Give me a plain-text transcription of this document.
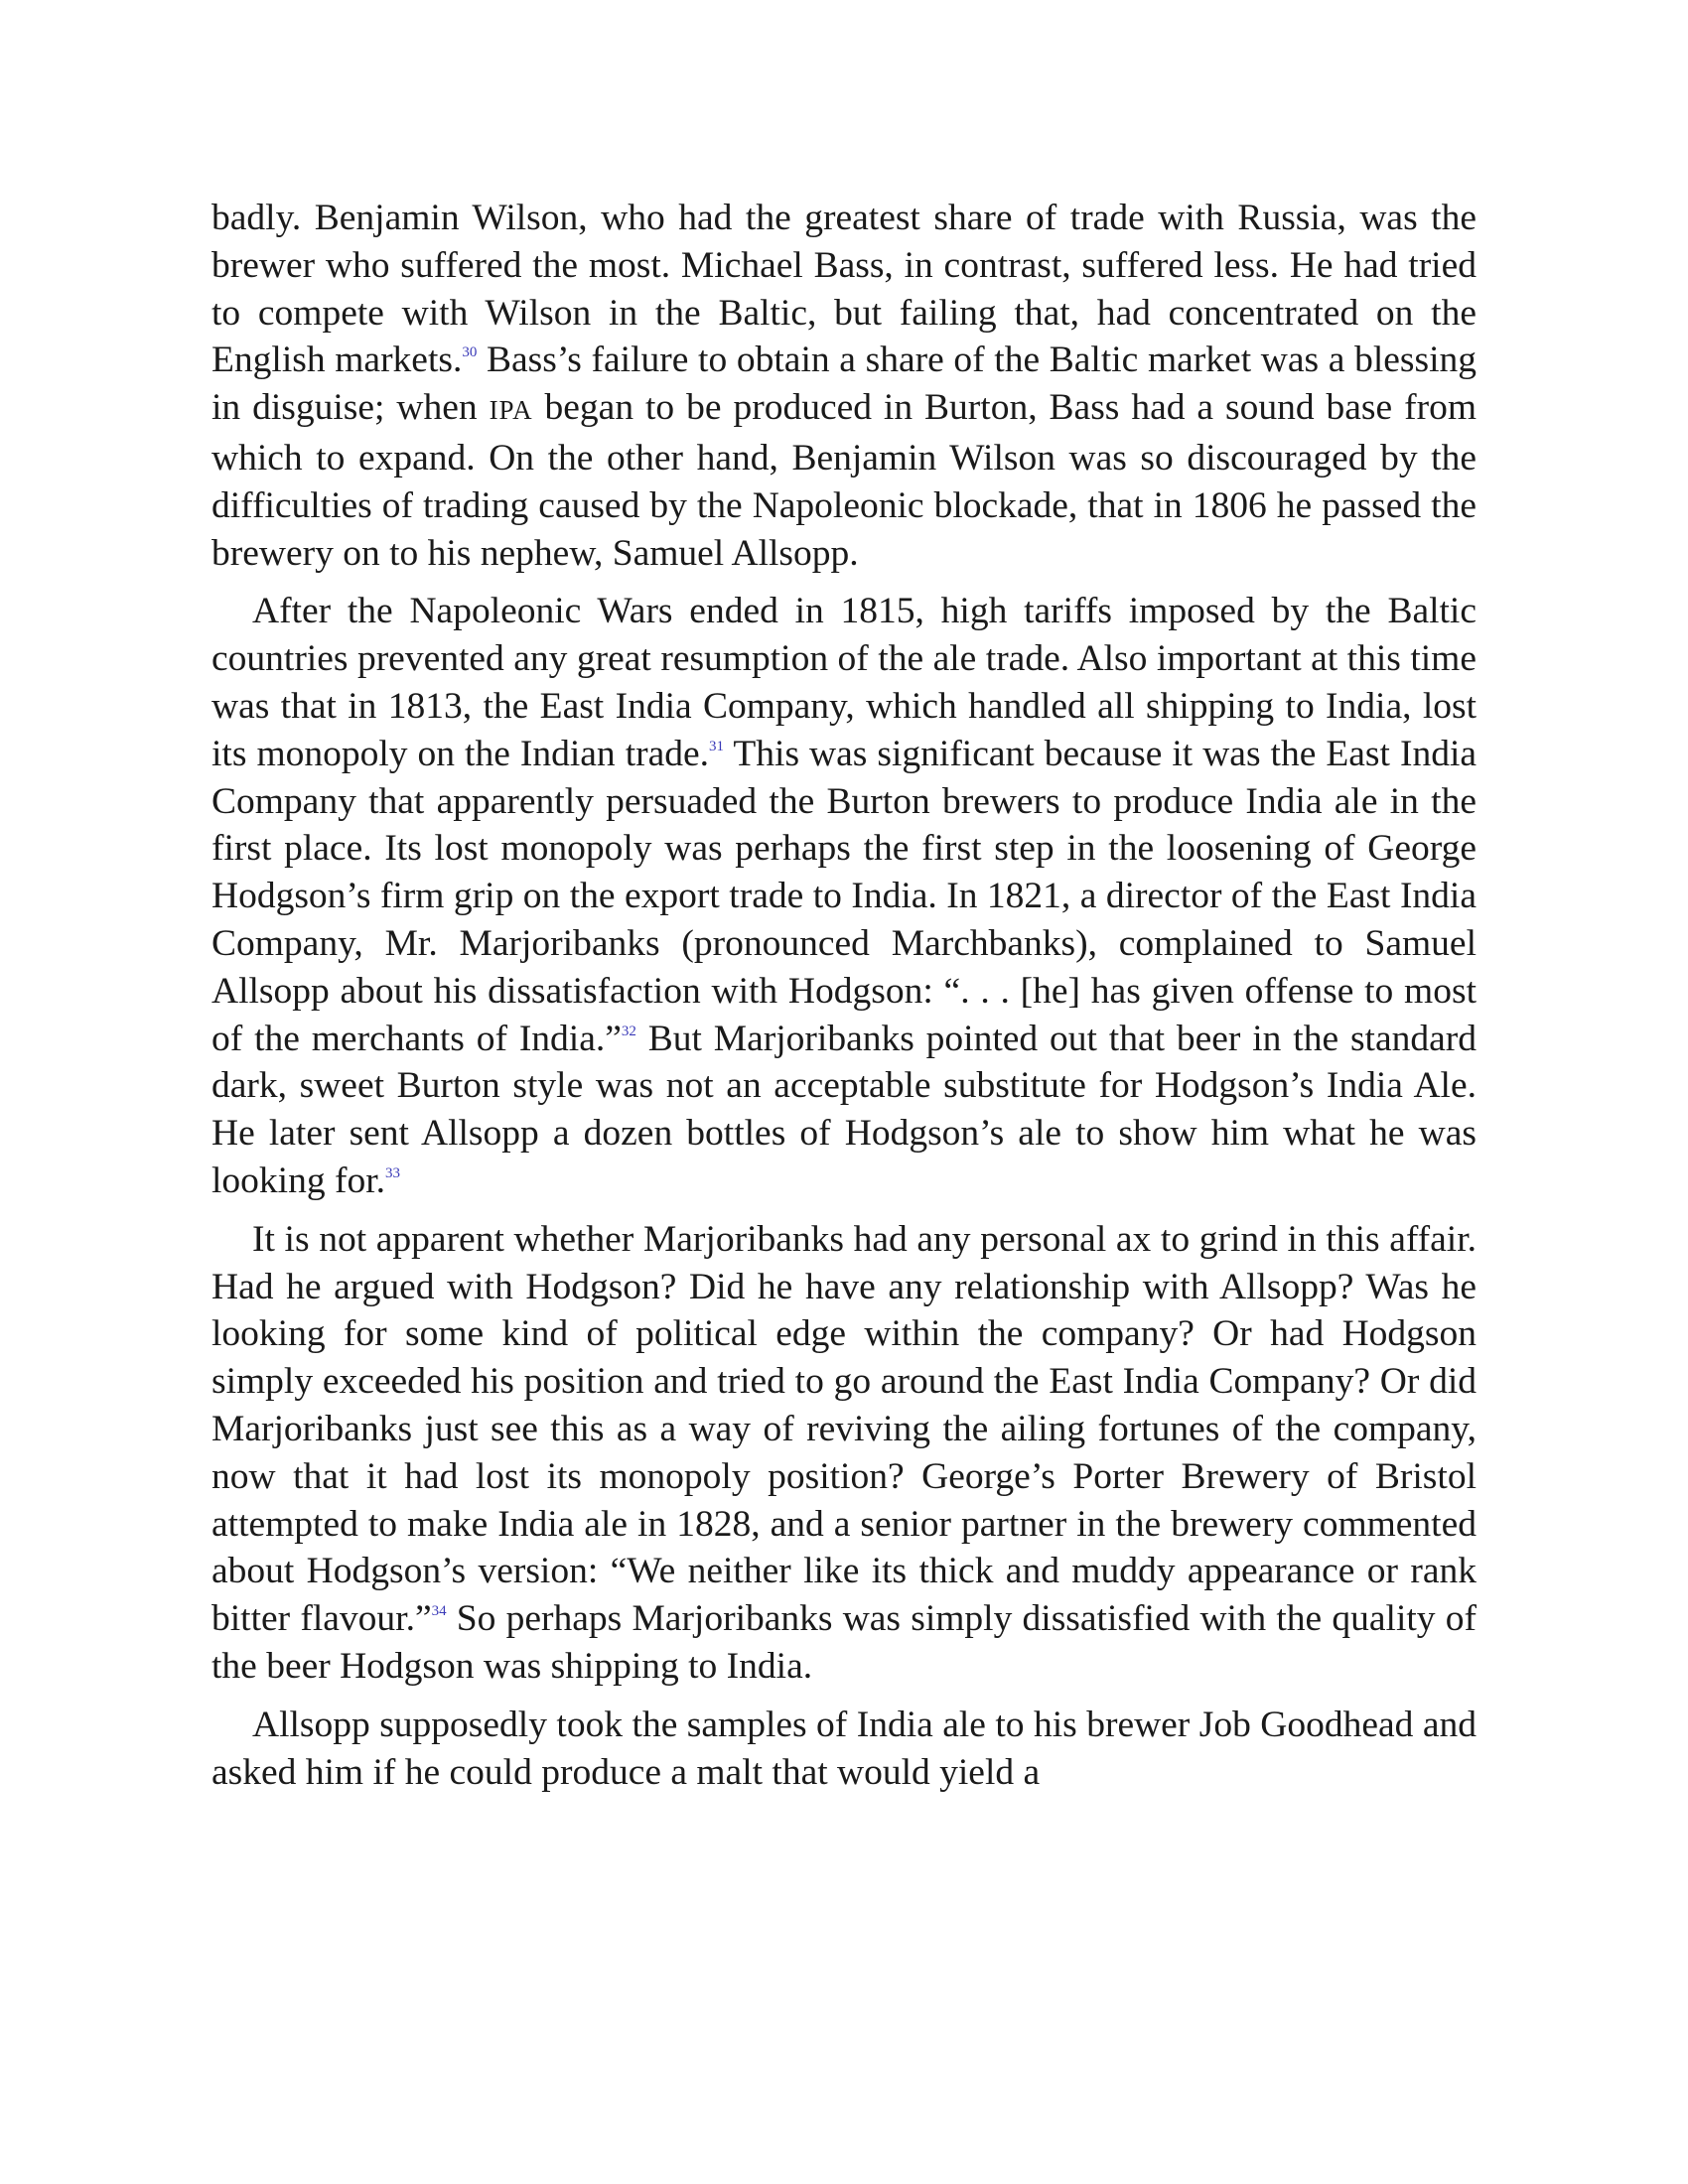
badly. Benjamin Wilson, who had the greatest share of trade with Russia, was the brewer who suffered the most. Michael Bass, in contrast, suffered less. He had tried to compete with Wilson in the Baltic, but failing that, had concentrated on the English markets.$^{30}$ Bass’s failure to obtain a share of the Baltic market was a blessing in disguise; when IPA began to be produced in Burton, Bass had a sound base from which to expand. On the other hand, Benjamin Wilson was so discouraged by the difficulties of trading caused by the Napoleonic blockade, that in 1806 he passed the brewery on to his nephew, Samuel Allsopp.

After the Napoleonic Wars ended in 1815, high tariffs imposed by the Baltic countries prevented any great resumption of the ale trade. Also important at this time was that in 1813, the East India Company, which handled all shipping to India, lost its monopoly on the Indian trade.$^{31}$ This was significant because it was the East India Company that apparently persuaded the Burton brewers to produce India ale in the first place. Its lost monopoly was perhaps the first step in the loosening of George Hodgson’s firm grip on the export trade to India. In 1821, a director of the East India Company, Mr. Marjoribanks (pronounced Marchbanks), complained to Samuel Allsopp about his dissatisfaction with Hodgson: “. . . [he] has given offense to most of the merchants of India.”$^{32}$ But Marjoribanks pointed out that beer in the standard dark, sweet Burton style was not an acceptable substitute for Hodgson’s India Ale. He later sent Allsopp a dozen bottles of Hodgson’s ale to show him what he was looking for.$^{33}$

It is not apparent whether Marjoribanks had any personal ax to grind in this affair. Had he argued with Hodgson? Did he have any relationship with Allsopp? Was he looking for some kind of political edge within the company? Or had Hodgson simply exceeded his position and tried to go around the East India Company? Or did Marjoribanks just see this as a way of reviving the ailing fortunes of the company, now that it had lost its monopoly position? George’s Porter Brewery of Bristol attempted to make India ale in 1828, and a senior partner in the brewery commented about Hodgson’s version: “We neither like its thick and muddy appearance or rank bitter flavour.”$^{34}$ So perhaps Marjoribanks was simply dissatisfied with the quality of the beer Hodgson was shipping to India.

Allsopp supposedly took the samples of India ale to his brewer Job Goodhead and asked him if he could produce a malt that would yield a
